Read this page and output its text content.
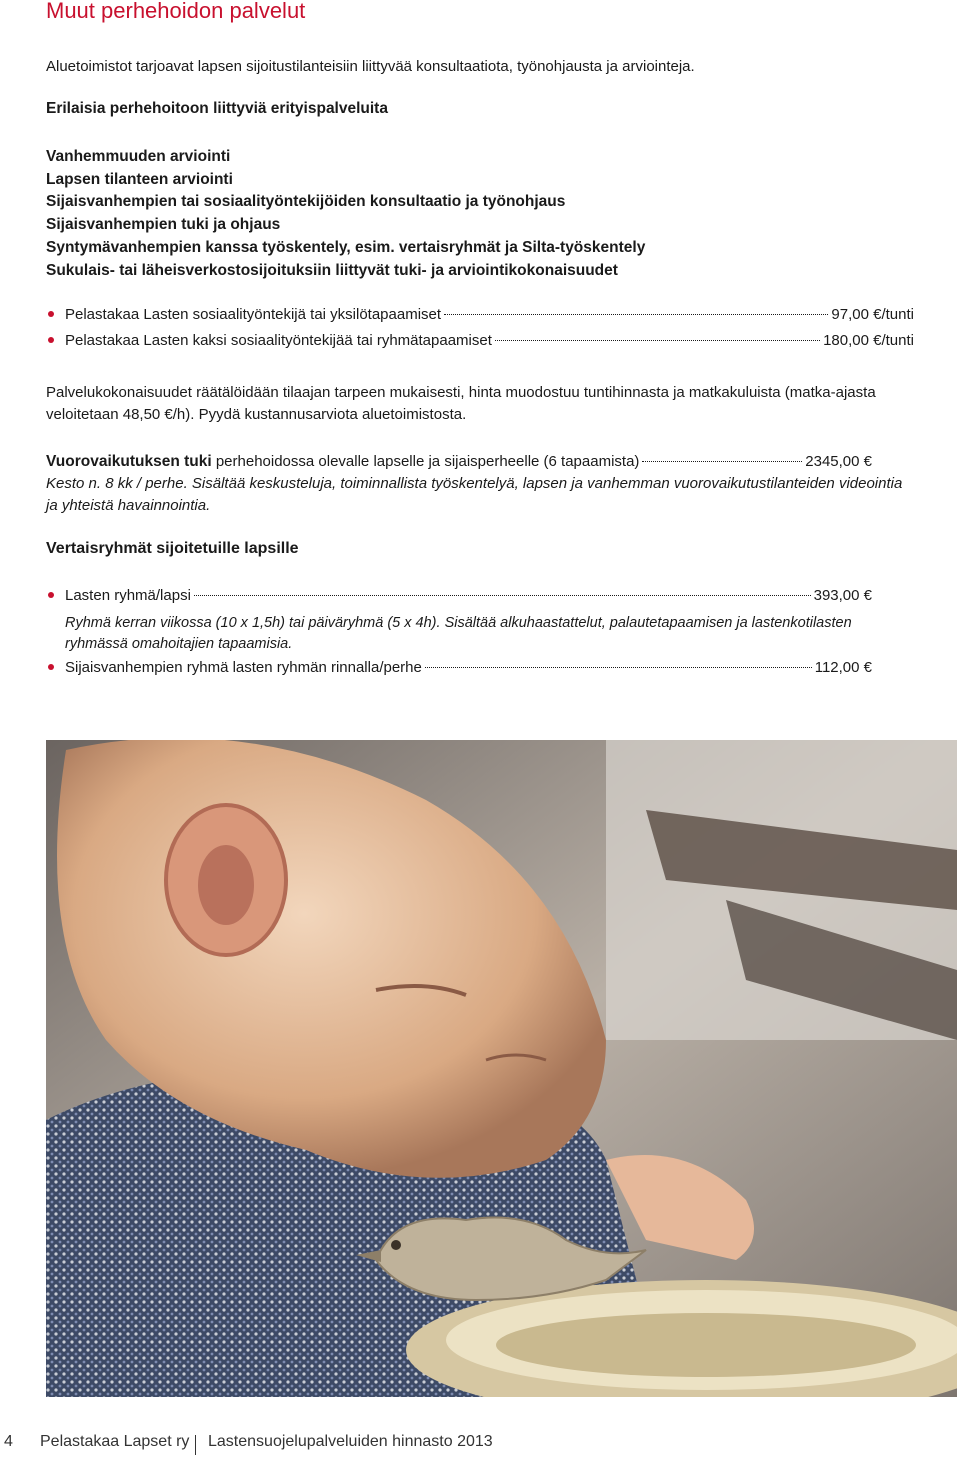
Muut perhehoidon palvelut
Aluetoimistot tarjoavat lapsen sijoitustilanteisiin liittyvää konsultaatiota, työnohjausta ja arviointeja.
Erilaisia perhehoitoon liittyviä erityispalveluita
Vanhemmuuden arviointi
Lapsen tilanteen arviointi
Sijaisvanhempien tai sosiaalityöntekijöiden konsultaatio ja työnohjaus
Sijaisvanhempien tuki ja ohjaus
Syntymävanhempien kanssa työskentely, esim. vertaisryhmät ja Silta-työskentely
Sukulais- tai läheisverkostosijoituksiin liittyvät tuki- ja arviointikokonaisuudet
Pelastakaa Lasten sosiaalityöntekijä tai yksilötapaamiset	97,00 €/tunti
Pelastakaa Lasten kaksi sosiaalityöntekijää tai ryhmätapaamiset	180,00 €/tunti
Palvelukokonaisuudet räätälöidään tilaajan tarpeen mukaisesti, hinta muodostuu tuntihinnasta ja matkakuluista (matka-ajasta veloitetaan 48,50 €/h). Pyydä kustannusarviota aluetoimistosta.
Vuorovaikutuksen tuki perhehoidossa olevalle lapselle ja sijaisperheelle (6 tapaamista)	2345,00 €
Kesto n. 8 kk / perhe. Sisältää keskusteluja, toiminnallista työskentelyä, lapsen ja vanhemman vuorovaikutustilanteiden videointia ja yhteistä havainnointia.
Vertaisryhmät sijoitetuille lapsille
Lasten ryhmä/lapsi	393,00 €
Ryhmä kerran viikossa (10 x 1,5h) tai päiväryhmä (5 x 4h). Sisältää alkuhaastattelut, palautetapaamisen ja lastenkotilasten ryhmässä omahoitajien tapaamisia.
Sijaisvanhempien ryhmä lasten ryhmän rinnalla/perhe	112,00 €
4 Pelastakaa Lapset ry Lastensuojelupalveluiden hinnasto 2013
